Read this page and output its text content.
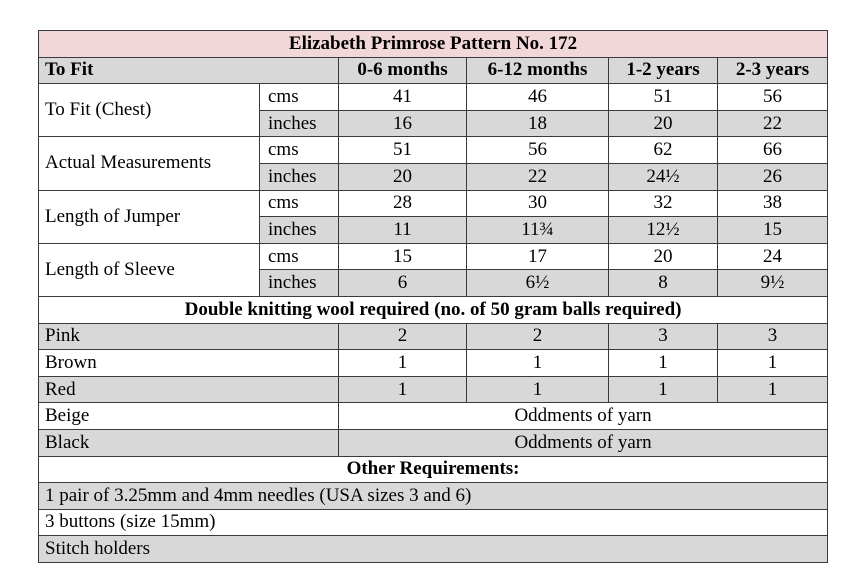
Elizabeth Primrose Pattern No. 172					
To Fit		0-6 months	6-12 months	1-2 years	2-3 years
To Fit (Chest)	cms	41	46	51	56
	inches	16	18	20	22
Actual Measurements	cms	51	56	62	66
	inches	20	22	24½	26
Length of Jumper	cms	28	30	32	38
	inches	11	11¾	12½	15
Length of Sleeve	cms	15	17	20	24
	inches	6	6½	8	9½
Double knitting wool required (no. of 50 gram balls required)					
Pink		2	2	3	3
Brown		1	1	1	1
Red		1	1	1	1
Beige		Oddments of yarn			
Black		Oddments of yarn			
Other Requirements:					
1 pair of 3.25mm and 4mm needles (USA sizes 3 and 6)					
3 buttons (size 15mm)					
Stitch holders					
